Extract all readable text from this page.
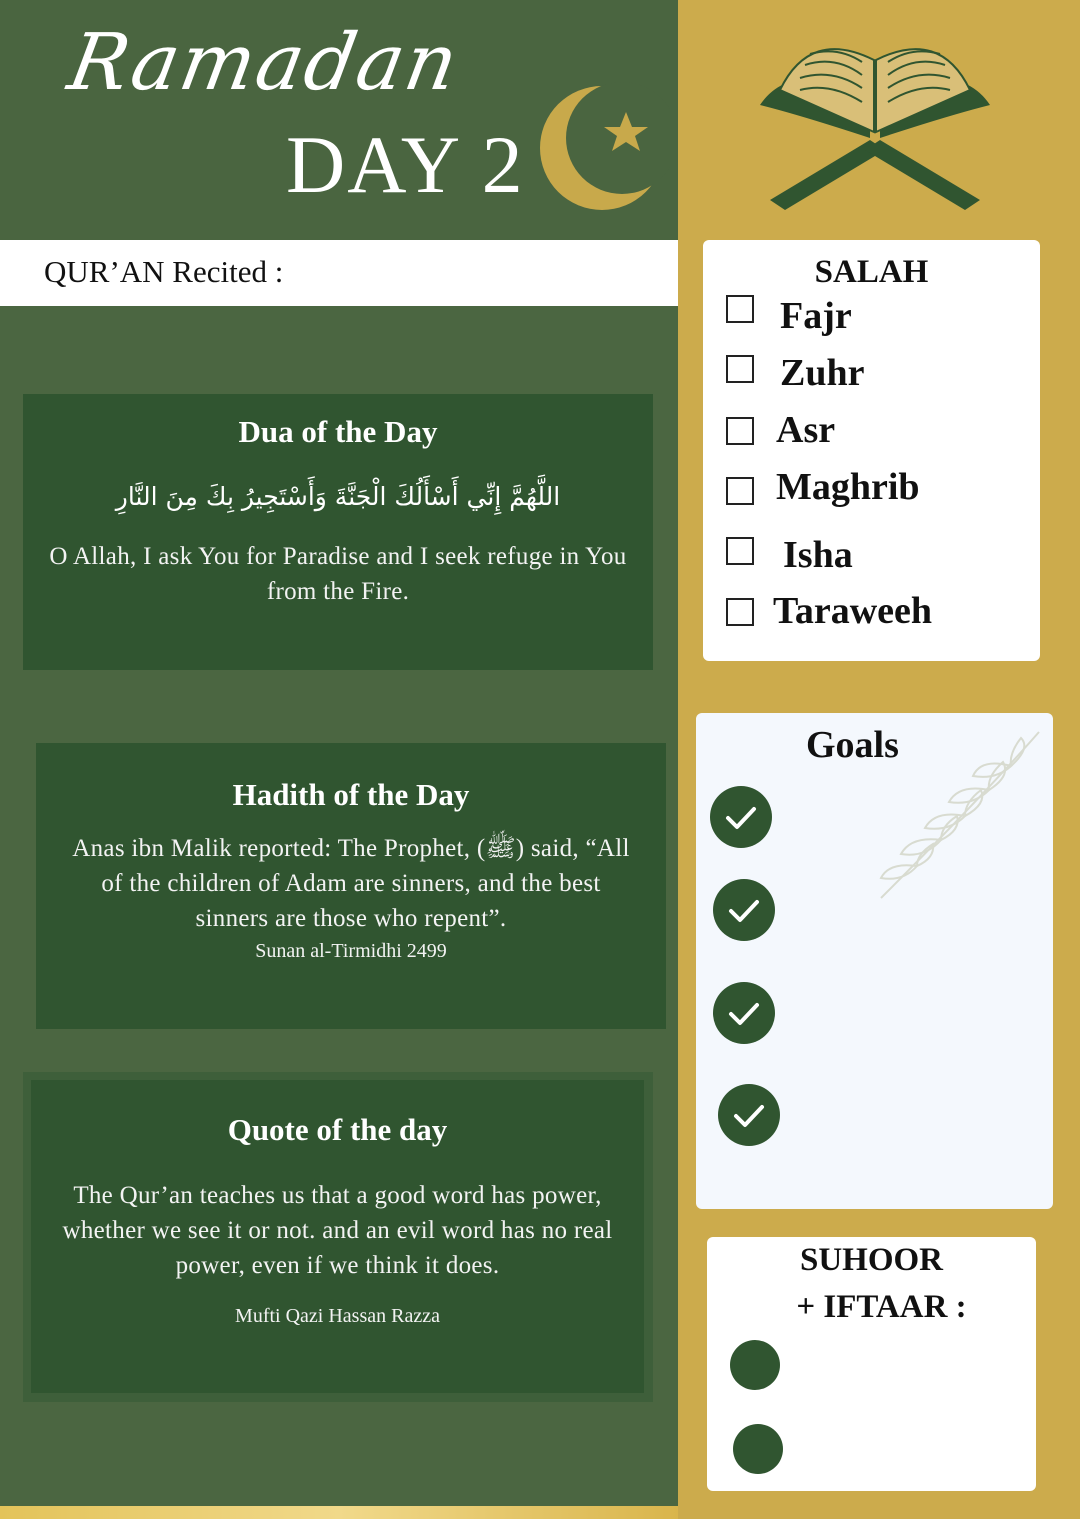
Ramadan
DAY 2
QUR’AN Recited :
Dua of the Day
اللَّهُمَّ إِنِّي أَسْأَلُكَ الْجَنَّةَ وَأَسْتَجِيرُ بِكَ مِنَ النَّارِ
O Allah, I ask You for Paradise and I seek refuge in You from the Fire.
Hadith of the Day
Anas ibn Malik reported: The Prophet, (ﷺ) said, “All of the children of Adam are sinners, and the best sinners are those who repent”.
Sunan al-Tirmidhi 2499
Quote of the day
The Qur’an teaches us that a good word has power, whether we see it or not. and an evil word has no real power, even if we think it does.
Mufti Qazi Hassan Razza
SALAH
Fajr
Zuhr
Asr
Maghrib
Isha
Taraweeh
Goals
SUHOOR
+ IFTAAR :
